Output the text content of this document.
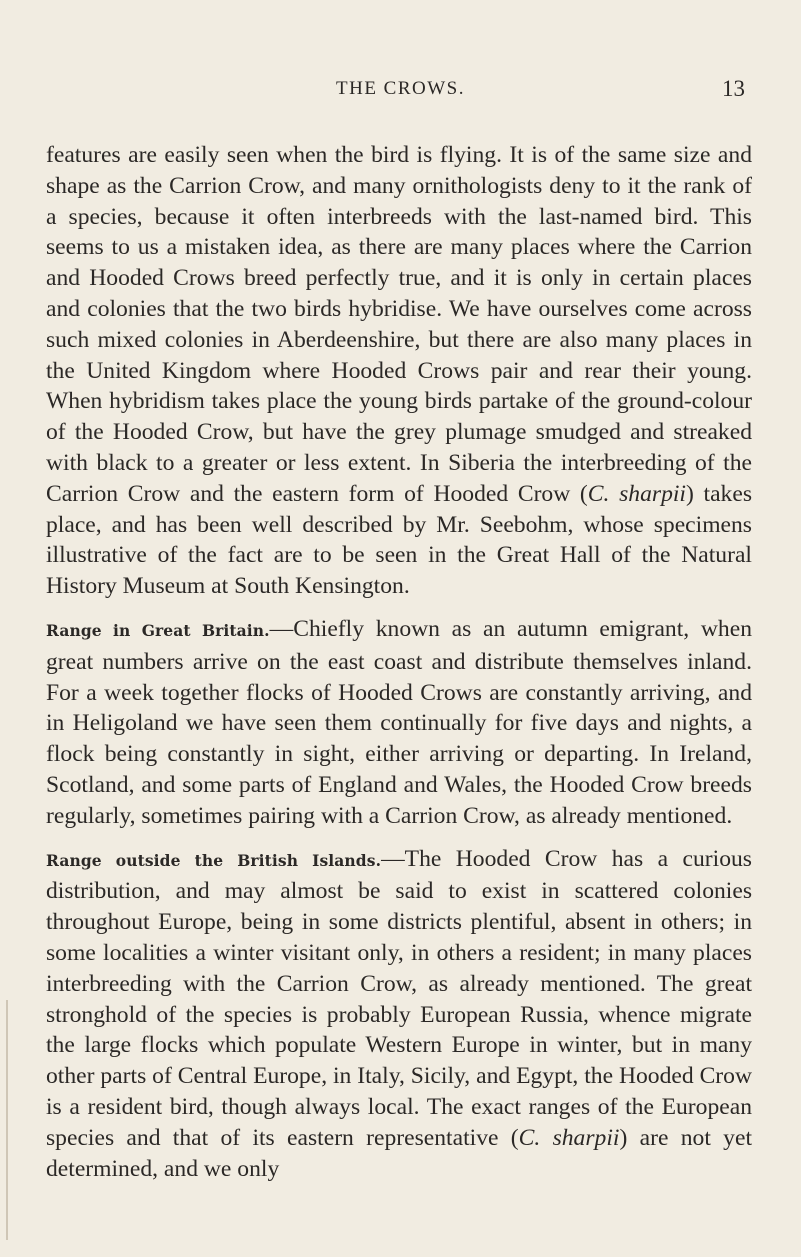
THE CROWS.	13

features are easily seen when the bird is flying. It is of the same size and shape as the Carrion Crow, and many ornithologists deny to it the rank of a species, because it often interbreeds with the last-named bird. This seems to us a mistaken idea, as there are many places where the Carrion and Hooded Crows breed perfectly true, and it is only in certain places and colonies that the two birds hybridise. We have ourselves come across such mixed colonies in Aberdeenshire, but there are also many places in the United Kingdom where Hooded Crows pair and rear their young. When hybridism takes place the young birds partake of the ground-colour of the Hooded Crow, but have the grey plumage smudged and streaked with black to a greater or less extent. In Siberia the interbreeding of the Carrion Crow and the eastern form of Hooded Crow (C. sharpii) takes place, and has been well described by Mr. Seebohm, whose specimens illustrative of the fact are to be seen in the Great Hall of the Natural History Museum at South Kensington.

Range in Great Britain.—Chiefly known as an autumn emigrant, when great numbers arrive on the east coast and distribute themselves inland. For a week together flocks of Hooded Crows are constantly arriving, and in Heligoland we have seen them continually for five days and nights, a flock being constantly in sight, either arriving or departing. In Ireland, Scotland, and some parts of England and Wales, the Hooded Crow breeds regularly, sometimes pairing with a Carrion Crow, as already mentioned.

Range outside the British Islands.—The Hooded Crow has a curious distribution, and may almost be said to exist in scattered colonies throughout Europe, being in some districts plentiful, absent in others; in some localities a winter visitant only, in others a resident; in many places interbreeding with the Carrion Crow, as already mentioned. The great stronghold of the species is probably European Russia, whence migrate the large flocks which populate Western Europe in winter, but in many other parts of Central Europe, in Italy, Sicily, and Egypt, the Hooded Crow is a resident bird, though always local. The exact ranges of the European species and that of its eastern representative (C. sharpii) are not yet determined, and we only
